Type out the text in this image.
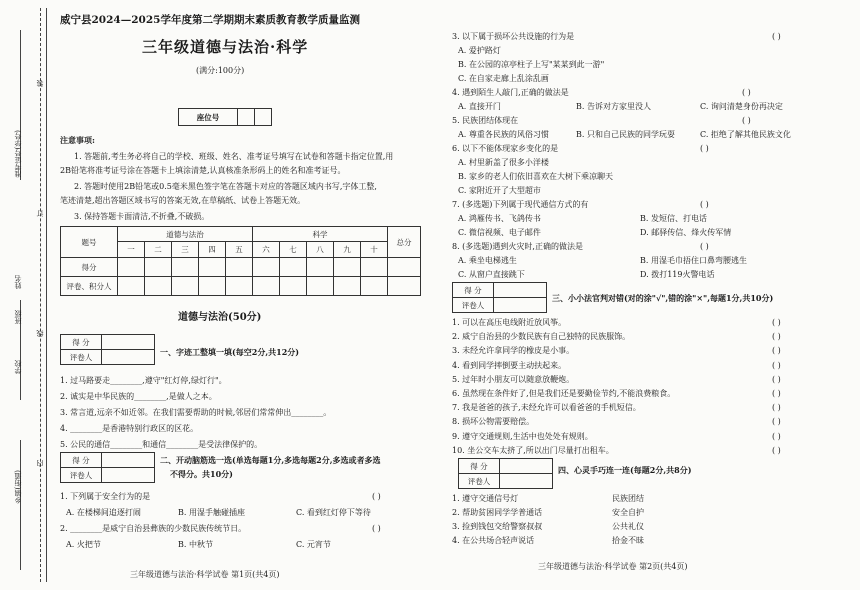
准考证号(学号)
姓名
班级
学校
乡镇(街道)
装
订
线
内
威宁县2024—2025学年度第二学期期末素质教育教学质量监测
三年级道德与法治·科学
(满分:100分)
座位号		
注意事项:
1. 答题前,考生务必将自己的学校、班级、姓名、准考证号填写在试卷和答题卡指定位置,用
2B铅笔将准考证号涂在答题卡上填涂清楚,认真核准条形码上的姓名和准考证号。
2. 答题时使用2B铅笔或0.5毫米黑色签字笔在答题卡对应的答题区域内书写,字体工整,
笔迹清楚,超出答题区域书写的答案无效,在草稿纸、试卷上答题无效。
3. 保持答题卡面清洁,不折叠,不破损。
题号	道德与法治					科学					总分
	一	二	三	四	五	六	七	八	九	十	
得分											
评卷、积分人											
道德与法治(50分)
得 分	
评卷人		一、字迹工整填一填(每空2分,共12分)
1. 过马路要走________,遵守"红灯停,绿灯行"。
2. 诚实是中华民族的________,是做人之本。
3. 常言道,远亲不如近邻。在我们需要帮助的时候,邻居们常常伸出________。
4. ________是香港特别行政区的区花。
5. 公民的通信________和通信________是受法律保护的。
得 分	
评卷人	
二、开动脑筋选一选(单选每题1分,多选每题2分,多选或者多选
不得分。共10分)
1. 下列属于安全行为的是	( )
A. 在楼梯间追逐打闹	B. 用湿手触碰插座	C. 看到红灯停下等待
2. ________是威宁自治县彝族的少数民族传统节日。	( )
A. 火把节	B. 中秋节	C. 元宵节
三年级道德与法治·科学试卷 第1页(共4页)
3. 以下属于损坏公共设施的行为是	( )
A. 爱护路灯
B. 在公园的凉亭柱子上写"某某到此一游"
C. 在自家走廊上乱涂乱画
4. 遇到陌生人敲门,正确的做法是	( )
A. 直接开门	B. 告诉对方家里没人	C. 询问清楚身份再决定
5. 民族团结体现在	( )
A. 尊重各民族的风俗习惯	B. 只和自己民族的同学玩耍	C. 拒绝了解其他民族文化
6. 以下不能体现家乡变化的是	( )
A. 村里新盖了很多小洋楼
B. 家乡的老人们依旧喜欢在大树下乘凉聊天
C. 家附近开了大型超市
7. (多选题)下列属于现代通信方式的有	( )
A. 鸿雁传书、飞鸽传书	B. 发短信、打电话
C. 微信视频、电子邮件	D. 邮驿传信、烽火传军情
8. (多选题)遇到火灾时,正确的做法是	( )
A. 乘坐电梯逃生	B. 用湿毛巾捂住口鼻弯腰逃生
C. 从窗户直接跳下	D. 拨打119火警电话
得 分	
评卷人	
三、小小法官判对错(对的涂"√",错的涂"×",每题1分,共10分)
1. 可以在高压电线附近放风筝。	( )
2. 威宁自治县的少数民族有自己独特的民族服饰。	( )
3. 未经允许拿同学的橡皮是小事。	( )
4. 看到同学摔倒要主动扶起来。	( )
5. 过年时小朋友可以随意放鞭炮。	( )
6. 虽然现在条件好了,但是我们还是要勤俭节约,不能浪费粮食。	( )
7. 我是爸爸的孩子,未经允许可以看爸爸的手机短信。	( )
8. 损坏公物需要赔偿。	( )
9. 遵守交通规则,生活中也处处有规则。	( )
10. 坐公交车太挤了,所以出门尽量打出租车。	( )
得 分	
评卷人	
四、心灵手巧连一连(每题2分,共8分)
1. 遵守交通信号灯
2. 帮助贫困同学学普通话
3. 捡到钱包交给警察叔叔
4. 在公共场合轻声说话
民族团结
安全自护
公共礼仪
拾金不昧
三年级道德与法治·科学试卷 第2页(共4页)
